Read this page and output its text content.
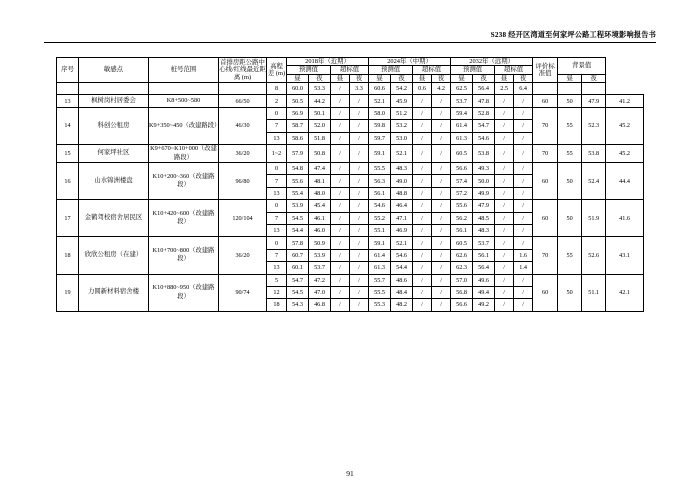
S238 经开区湾道至何家坪公路工程环境影响报告书
序号	敏感点	桩号范围	首排房距公路中心线/红线最近距离 (m)	高程差 (m)	2018年（近期）				2024年（中期）				2032年（远期）				评价标准值	背景值		
					预测值		超标值		预测值		超标值		预测值		超标值					
					昼	夜	昼	夜	昼	夜	昼	夜	昼	夜	昼	夜		昼	夜	
				8	60.0	53.3	/	3.3	60.6	54.2	0.6	4.2	62.5	56.4	2.5	6.4				
13	枫树岗村居委会	K8+500~580	66/50	2	50.5	44.2	/	/	52.1	45.9	/	/	53.7	47.8	/	/	60	50	47.9	41.2
14	科创公租房	K9+350~450（改建路段）	46/30	0	56.9	50.1	/	/	58.0	51.2	/	/	59.4	52.8	/	/	70	55	52.3	45.2
				7	58.7	52.0	/	/	59.8	53.2	/	/	61.4	54.7	/	/				
				13	58.6	51.8	/	/	59.7	53.0	/	/	61.3	54.6	/	/				
15	何家坪社区	K9+670~K10+000（改建路段）	36/20	1~2	57.9	50.8	/	/	59.1	52.1	/	/	60.5	53.8	/	/	70	55	53.8	45.2
16	山水锦洲楼盘	K10+200~360（改建路段）	96/80	0	54.8	47.4	/	/	55.5	48.3	/	/	56.6	49.3	/	/	60	50	52.4	44.4
				7	55.6	48.1	/	/	56.3	49.0	/	/	57.4	50.0	/	/				
				13	55.4	48.0	/	/	56.1	48.8	/	/	57.2	49.9	/	/				
17	金鹤驾校宿舍居民区	K10+420~600（改建路段）	120/104	0	53.9	45.4	/	/	54.6	46.4	/	/	55.6	47.9	/	/	60	50	51.9	41.6
				7	54.5	46.1	/	/	55.2	47.1	/	/	56.2	48.5	/	/				
				13	54.4	46.0	/	/	55.1	46.9	/	/	56.1	48.3	/	/				
18	欣欣公租房（在建）	K10+700~800（改建路段）	36/20	0	57.8	50.9	/	/	59.1	52.1	/	/	60.5	53.7	/	/	70	55	52.6	43.1
				7	60.7	53.9	/	/	61.4	54.6	/	/	62.6	56.1	/	1.6				
				13	60.1	53.7	/	/	61.3	54.4	/	/	62.3	56.4	/	1.4				
19	力圆新材料宿舍楼	K10+880~950（改建路段）	90/74	5	54.7	47.2	/	/	55.7	48.6	/	/	57.0	49.6	/	/	60	50	51.1	42.1
				12	54.5	47.0	/	/	55.5	48.4	/	/	56.8	49.4	/	/				
				18	54.3	46.8	/	/	55.3	48.2	/	/	56.6	49.2	/	/				
91
